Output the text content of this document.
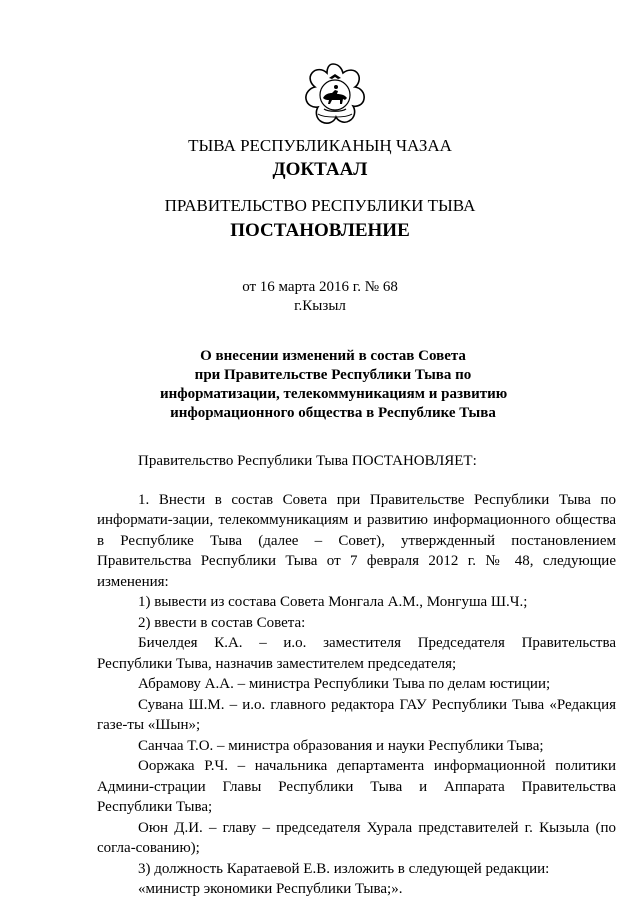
ТЫВА РЕСПУБЛИКАНЫҢ ЧАЗАА
ДОКТААЛ
ПРАВИТЕЛЬСТВО РЕСПУБЛИКИ ТЫВА
ПОСТАНОВЛЕНИЕ
от 16 марта 2016 г. № 68
г.Кызыл
О внесении изменений в состав Совета
при Правительстве Республики Тыва по
информатизации, телекоммуникациям и развитию
информационного общества в Республике Тыва

Правительство Республики Тыва ПОСТАНОВЛЯЕТ:

1. Внести в состав Совета при Правительстве Республики Тыва по информати-зации, телекоммуникациям и развитию информационного общества в Республике Тыва (далее – Совет), утвержденный постановлением Правительства Республики Тыва от 7 февраля 2012 г. № 48, следующие изменения:

1) вывести из состава Совета Монгала А.М., Монгуша Ш.Ч.;

2) ввести в состав Совета:

Бичелдея К.А. – и.о. заместителя Председателя Правительства Республики Тыва, назначив заместителем председателя;

Абрамову А.А. – министра Республики Тыва по делам юстиции;

Сувана Ш.М. – и.о. главного редактора ГАУ Республики Тыва «Редакция газе-ты «Шын»;

Санчаа Т.О. – министра образования и науки Республики Тыва;

Ооржака Р.Ч. – начальника департамента информационной политики Админи-страции Главы Республики Тыва и Аппарата Правительства Республики Тыва;

Оюн Д.И. – главу – председателя Хурала представителей г. Кызыла (по согла-сованию);

3) должность Каратаевой Е.В. изложить в следующей редакции:

«министр экономики Республики Тыва;».
